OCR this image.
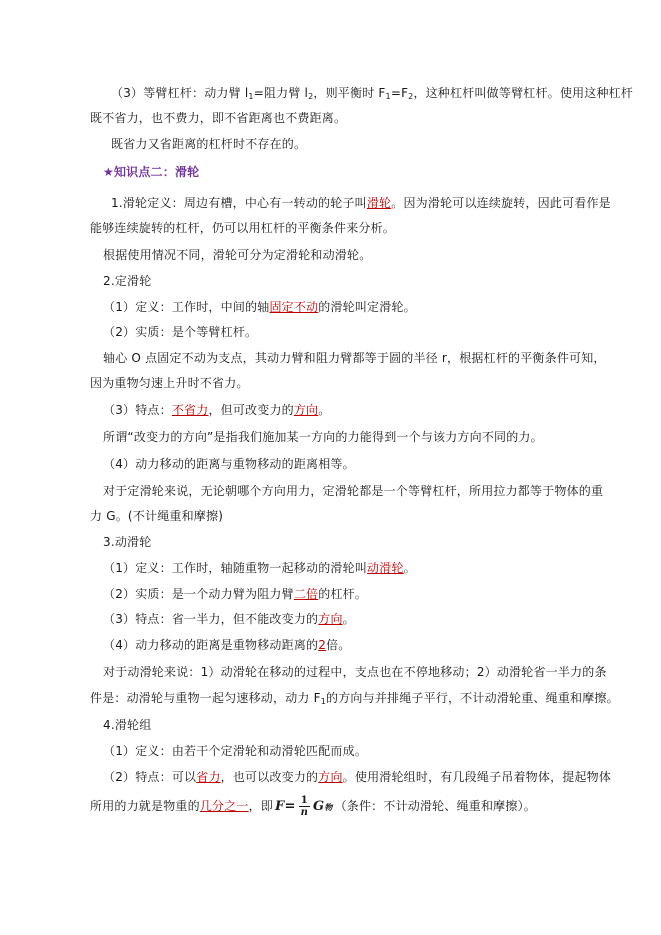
（3）等臂杠杆：动力臂 $l_1=$阻力臂 $l_2$，则平衡时 $F_1=F_2$，这种杠杆叫做等臂杠杆。使用这种杠杆
既不省力，也不费力，即不省距离也不费距离。
既省力又省距离的杠杆时不存在的。
★知识点二：滑轮
1.滑轮定义：周边有槽，中心有一转动的轮子叫滑轮。因为滑轮可以连续旋转，因此可看作是
能够连续旋转的杠杆，仍可以用杠杆的平衡条件来分析。
根据使用情况不同，滑轮可分为定滑轮和动滑轮。
2.定滑轮
（1）定义：工作时，中间的轴固定不动的滑轮叫定滑轮。
（2）实质：是个等臂杠杆。
轴心 O 点固定不动为支点，其动力臂和阻力臂都等于圆的半径 r，根据杠杆的平衡条件可知，
因为重物匀速上升时不省力。
（3）特点：不省力，但可改变力的方向。
所谓“改变力的方向”是指我们施加某一方向的力能得到一个与该力方向不同的力。
（4）动力移动的距离与重物移动的距离相等。
对于定滑轮来说，无论朝哪个方向用力，定滑轮都是一个等臂杠杆，所用拉力都等于物体的重
力 G。(不计绳重和摩擦)
3.动滑轮
（1）定义：工作时，轴随重物一起移动的滑轮叫动滑轮。
（2）实质：是一个动力臂为阻力臂二倍的杠杆。
（3）特点：省一半力，但不能改变力的方向。
（4）动力移动的距离是重物移动距离的2倍。
对于动滑轮来说：1）动滑轮在移动的过程中，支点也在不停地移动；2）动滑轮省一半力的条
件是：动滑轮与重物一起匀速移动，动力 $F_1$的方向与并排绳子平行，不计动滑轮重、绳重和摩擦。
4.滑轮组
（1）定义：由若干个定滑轮和动滑轮匹配而成。
（2）特点：可以省力，也可以改变力的方向。使用滑轮组时，有几段绳子吊着物体，提起物体
所用的力就是物重的几分之一，即 $F = \frac{1}{n}$ G 物 （条件：不计动滑轮、绳重和摩擦）。
